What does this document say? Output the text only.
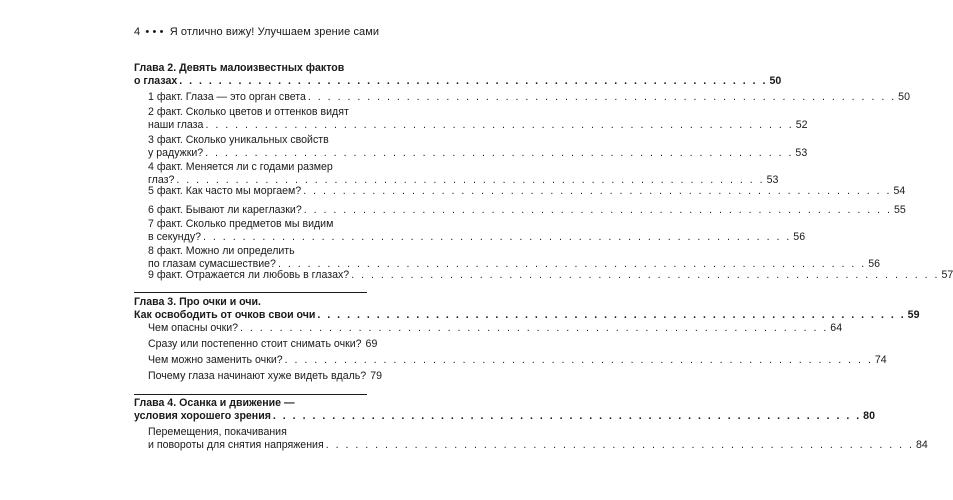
4 • • • Я отлично вижу! Улучшаем зрение сами
Глава 2. Девять малоизвестных фактов
о глазах . . . . . . . . . . . . . . . . . . . . . . . . . . . . . . . . . . . . . . . . . . . . . . . . . . . . . . . . . . . . 50
1 факт. Глаза — это орган света . . . . . . . . . . . . . . . . . . . . . . . . . . . . . . . . . . . . . . . . . . . . . . . . . . . . . . . . . . . . 50
2 факт. Сколько цветов и оттенков видят
наши глаза . . . . . . . . . . . . . . . . . . . . . . . . . . . . . . . . . . . . . . . . . . . . . . . . . . . . . . . . . . . . 52
3 факт. Сколько уникальных свойств
у радужки? . . . . . . . . . . . . . . . . . . . . . . . . . . . . . . . . . . . . . . . . . . . . . . . . . . . . . . . . . . . . 53
4 факт. Меняется ли с годами размер
глаз? . . . . . . . . . . . . . . . . . . . . . . . . . . . . . . . . . . . . . . . . . . . . . . . . . . . . . . . . . . . . 53
5 факт. Как часто мы моргаем? . . . . . . . . . . . . . . . . . . . . . . . . . . . . . . . . . . . . . . . . . . . . . . . . . . . . . . . . . . . . 54
6 факт. Бывают ли кареглазки? . . . . . . . . . . . . . . . . . . . . . . . . . . . . . . . . . . . . . . . . . . . . . . . . . . . . . . . . . . . . 55
7 факт. Сколько предметов мы видим
в секунду? . . . . . . . . . . . . . . . . . . . . . . . . . . . . . . . . . . . . . . . . . . . . . . . . . . . . . . . . . . . . 56
8 факт. Можно ли определить
по глазам сумасшествие? . . . . . . . . . . . . . . . . . . . . . . . . . . . . . . . . . . . . . . . . . . . . . . . . . . . . . . . . . . . . 56
9 факт. Отражается ли любовь в глазах? . . . . . . . . . . . . . . . . . . . . . . . . . . . . . . . . . . . . . . . . . . . . . . . . . . . . . . . . . . . . 57
Глава 3. Про очки и очи.
Как освободить от очков свои очи . . . . . . . . . . . . . . . . . . . . . . . . . . . . . . . . . . . . . . . . . . . . . . . . . . . . . . . . . . . . 59
Чем опасны очки? . . . . . . . . . . . . . . . . . . . . . . . . . . . . . . . . . . . . . . . . . . . . . . . . . . . . . . . . . . . . 64
Сразу или постепенно стоит снимать очки? 69
Чем можно заменить очки? . . . . . . . . . . . . . . . . . . . . . . . . . . . . . . . . . . . . . . . . . . . . . . . . . . . . . . . . . . . . 74
Почему глаза начинают хуже видеть вдаль? 79
Глава 4. Осанка и движение —
условия хорошего зрения . . . . . . . . . . . . . . . . . . . . . . . . . . . . . . . . . . . . . . . . . . . . . . . . . . . . . . . . . . . . 80
Перемещения, покачивания
и повороты для снятия напряжения . . . . . . . . . . . . . . . . . . . . . . . . . . . . . . . . . . . . . . . . . . . . . . . . . . . . . . . . . . . . 84
